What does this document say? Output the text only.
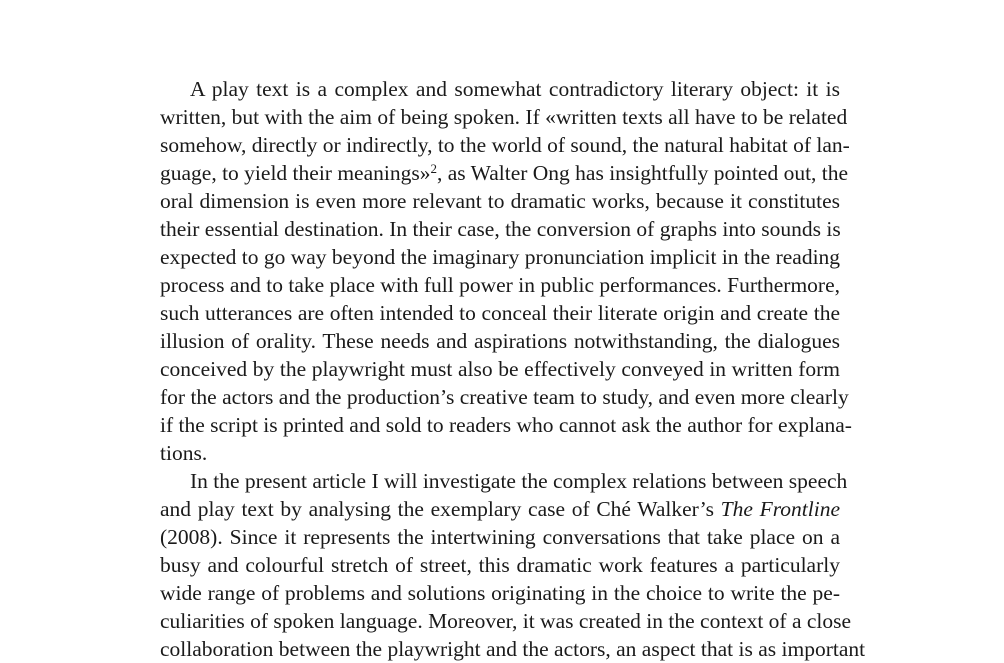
A play text is a complex and somewhat contradictory literary object: it is
written, but with the aim of being spoken. If «written texts all have to be related
somehow, directly or indirectly, to the world of sound, the natural habitat of lan-
guage, to yield their meanings»$^2$, as Walter Ong has insightfully pointed out, the
oral dimension is even more relevant to dramatic works, because it constitutes
their essential destination. In their case, the conversion of graphs into sounds is
expected to go way beyond the imaginary pronunciation implicit in the reading
process and to take place with full power in public performances. Furthermore,
such utterances are often intended to conceal their literate origin and create the
illusion of orality. These needs and aspirations notwithstanding, the dialogues
conceived by the playwright must also be effectively conveyed in written form
for the actors and the production’s creative team to study, and even more clearly
if the script is printed and sold to readers who cannot ask the author for explana-
tions.

In the present article I will investigate the complex relations between speech
and play text by analysing the exemplary case of Ché Walker’s The Frontline
(2008). Since it represents the intertwining conversations that take place on a
busy and colourful stretch of street, this dramatic work features a particularly
wide range of problems and solutions originating in the choice to write the pe-
culiarities of spoken language. Moreover, it was created in the context of a close
collaboration between the playwright and the actors, an aspect that is as important
